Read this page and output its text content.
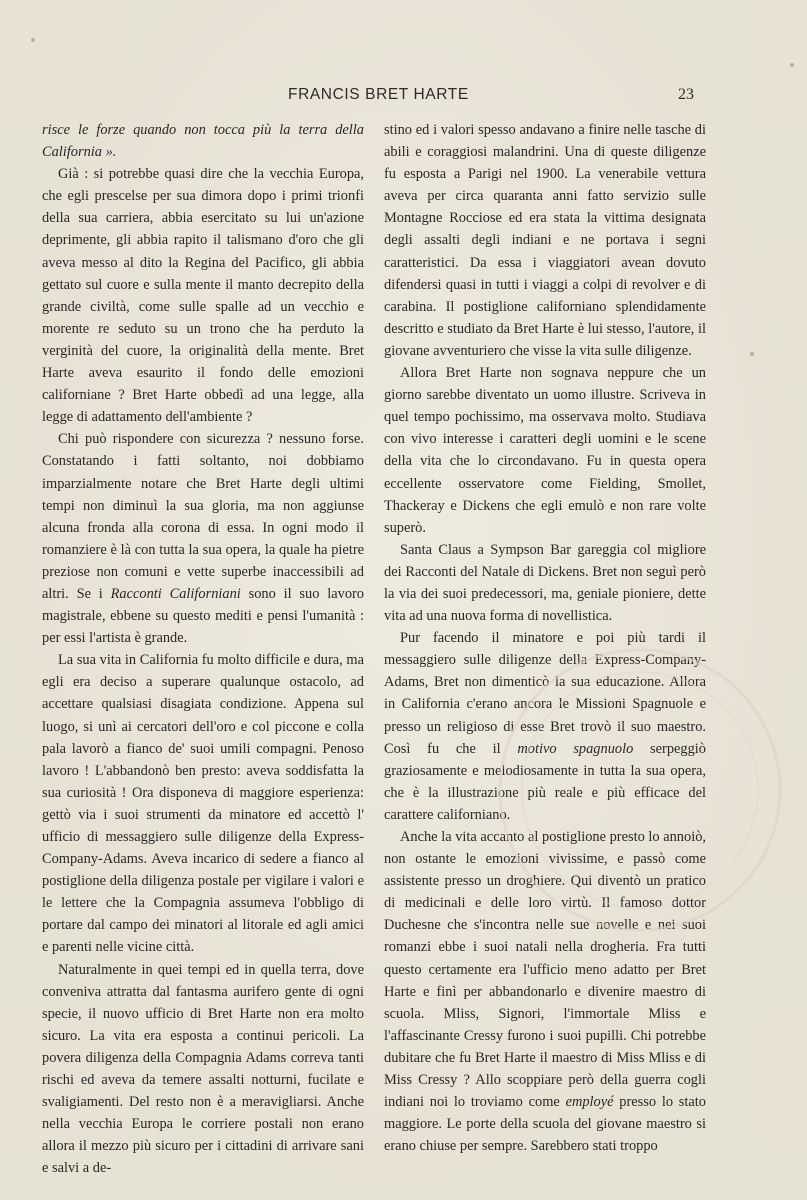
FRANCIS BRET HARTE	23

risce le forze quando non tocca più la terra della California ».

Già : si potrebbe quasi dire che la vecchia Europa, che egli prescelse per sua dimora dopo i primi trionfi della sua carriera, abbia esercitato su lui un'azione deprimente, gli abbia rapito il talismano d'oro che gli aveva messo al dito la Regina del Pacifico, gli abbia gettato sul cuore e sulla mente il manto decrepito della grande civiltà, come sulle spalle ad un vecchio e morente re seduto su un trono che ha perduto la verginità del cuore, la originalità della mente. Bret Harte aveva esaurito il fondo delle emozioni californiane ? Bret Harte obbedì ad una legge, alla legge di adattamento dell'ambiente ?

Chi può rispondere con sicurezza ? nessuno forse. Constatando i fatti soltanto, noi dobbiamo imparzialmente notare che Bret Harte degli ultimi tempi non diminuì la sua gloria, ma non aggiunse alcuna fronda alla corona di essa. In ogni modo il romanziere è là con tutta la sua opera, la quale ha pietre preziose non comuni e vette superbe inaccessibili ad altri. Se i Racconti Californiani sono il suo lavoro magistrale, ebbene su questo mediti e pensi l'umanità : per essi l'artista è grande.

La sua vita in California fu molto difficile e dura, ma egli era deciso a superare qualunque ostacolo, ad accettare qualsiasi disagiata condizione. Appena sul luogo, si unì ai cercatori dell'oro e col piccone e colla pala lavorò a fianco de' suoi umili compagni. Penoso lavoro ! L'abbandonò ben presto: aveva soddisfatta la sua curiosità ! Ora disponeva di maggiore esperienza: gettò via i suoi strumenti da minatore ed accettò l' ufficio di messaggiero sulle diligenze della Express-Company-Adams. Aveva incarico di sedere a fianco al postiglione della diligenza postale per vigilare i valori e le lettere che la Compagnia assumeva l'obbligo di portare dal campo dei minatori al litorale ed agli amici e parenti nelle vicine città.

Naturalmente in quei tempi ed in quella terra, dove conveniva attratta dal fantasma aurifero gente di ogni specie, il nuovo ufficio di Bret Harte non era molto sicuro. La vita era esposta a continui pericoli. La povera diligenza della Compagnia Adams correva tanti rischi ed aveva da temere assalti notturni, fucilate e svaligiamenti. Del resto non è a meravigliarsi. Anche nella vecchia Europa le corriere postali non erano allora il mezzo più sicuro per i cittadini di arrivare sani e salvi a de-

stino ed i valori spesso andavano a finire nelle tasche di abili e coraggiosi malandrini. Una di queste diligenze fu esposta a Parigi nel 1900. La venerabile vettura aveva per circa quaranta anni fatto servizio sulle Montagne Rocciose ed era stata la vittima designata degli assalti degli indiani e ne portava i segni caratteristici. Da essa i viaggiatori avean dovuto difendersi quasi in tutti i viaggi a colpi di revolver e di carabina. Il postiglione californiano splendidamente descritto e studiato da Bret Harte è lui stesso, l'autore, il giovane avventuriero che visse la vita sulle diligenze.

Allora Bret Harte non sognava neppure che un giorno sarebbe diventato un uomo illustre. Scriveva in quel tempo pochissimo, ma osservava molto. Studiava con vivo interesse i caratteri degli uomini e le scene della vita che lo circondavano. Fu in questa opera eccellente osservatore come Fielding, Smollet, Thackeray e Dickens che egli emulò e non rare volte superò.

Santa Claus a Sympson Bar gareggia col migliore dei Racconti del Natale di Dickens. Bret non seguì però la via dei suoi predecessori, ma, geniale pioniere, dette vita ad una nuova forma di novellistica.

Pur facendo il minatore e poi più tardi il messaggiero sulle diligenze della Express-Company-Adams, Bret non dimenticò la sua educazione. Allora in California c'erano ancora le Missioni Spagnuole e presso un religioso di esse Bret trovò il suo maestro. Così fu che il motivo spagnuolo serpeggiò graziosamente e melodiosamente in tutta la sua opera, che è la illustrazione più reale e più efficace del carattere californiano.

Anche la vita accanto al postiglione presto lo annoiò, non ostante le emozioni vivissime, e passò come assistente presso un droghiere. Qui diventò un pratico di medicinali e delle loro virtù. Il famoso dottor Duchesne che s'incontra nelle sue novelle e nei suoi romanzi ebbe i suoi natali nella drogheria. Fra tutti questo certamente era l'ufficio meno adatto per Bret Harte e finì per abbandonarlo e divenire maestro di scuola. Mliss, Signori, l'immortale Mliss e l'affascinante Cressy furono i suoi pupilli. Chi potrebbe dubitare che fu Bret Harte il maestro di Miss Mliss e di Miss Cressy ? Allo scoppiare però della guerra cogli indiani noi lo troviamo come employé presso lo stato maggiore. Le porte della scuola del giovane maestro si erano chiuse per sempre. Sarebbero stati troppo
